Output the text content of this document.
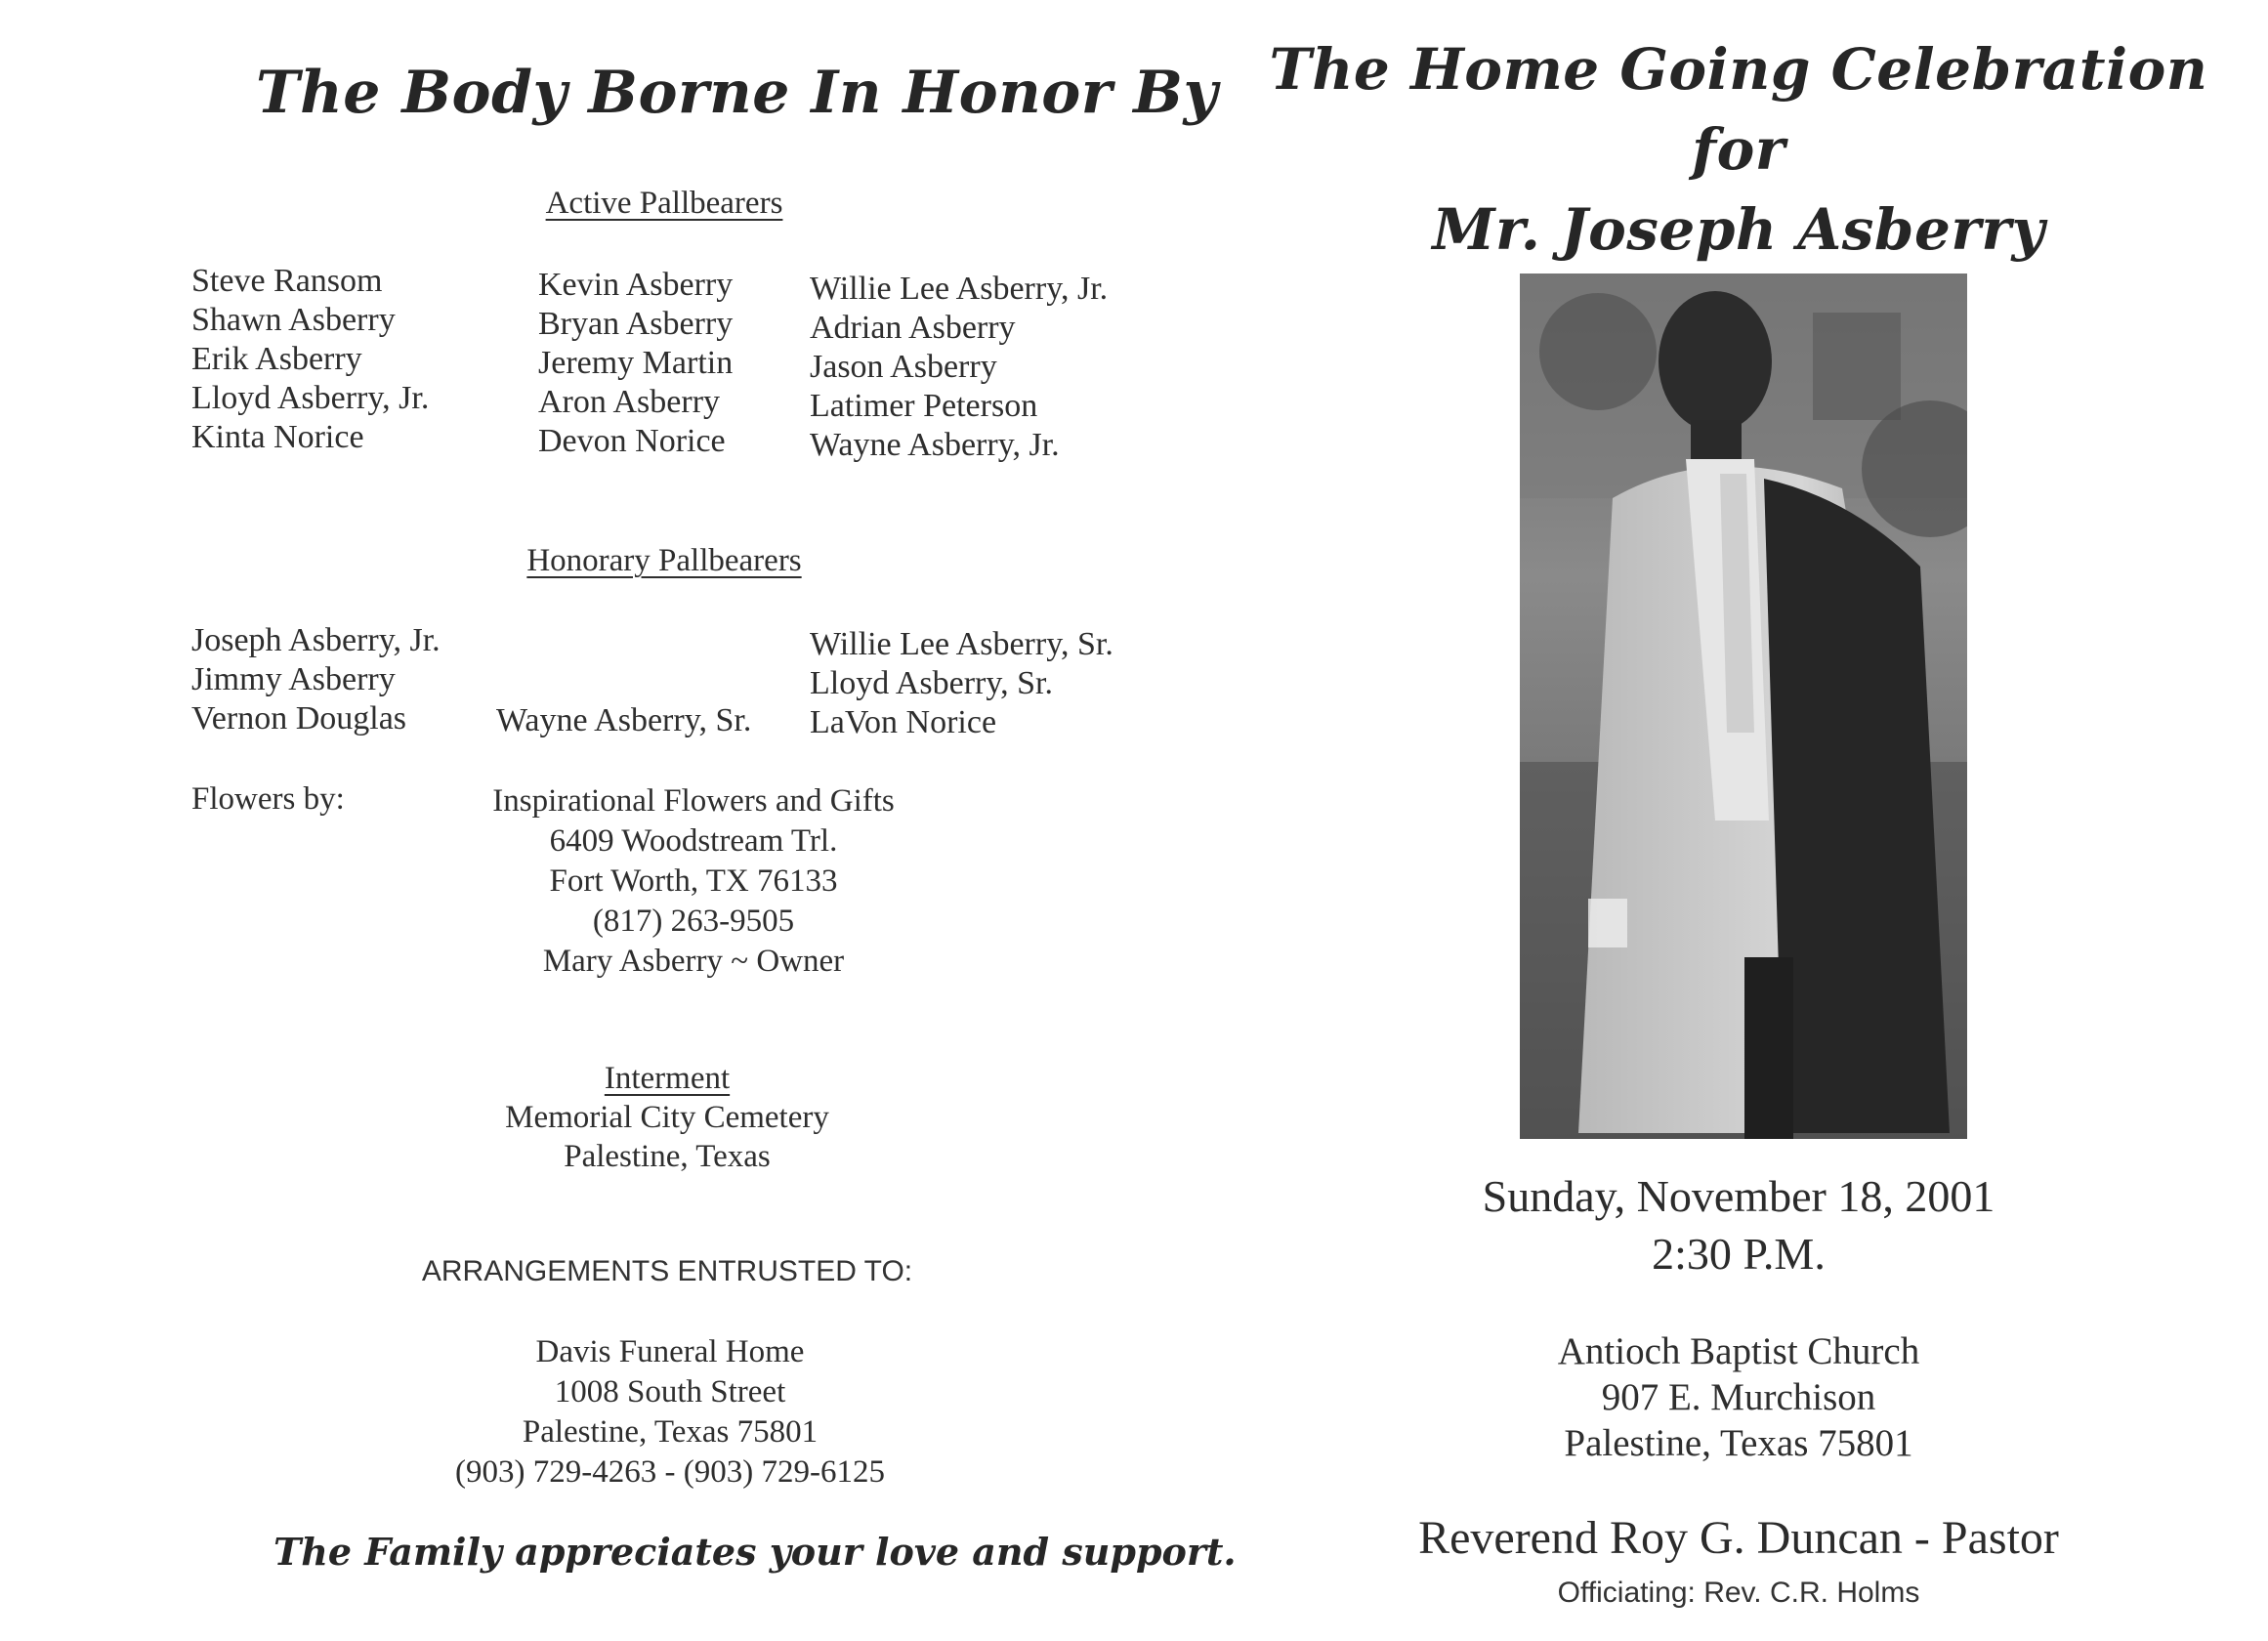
The Body Borne In Honor By
Active Pallbearers
Steve Ransom
Shawn Asberry
Erik Asberry
Lloyd Asberry, Jr.
Kinta Norice
Kevin Asberry
Bryan Asberry
Jeremy Martin
Aron Asberry
Devon Norice
Willie Lee Asberry, Jr.
Adrian Asberry
Jason Asberry
Latimer Peterson
Wayne Asberry, Jr.
Honorary Pallbearers
Joseph Asberry, Jr.
Jimmy Asberry
Vernon Douglas	Wayne Asberry, Sr.
Willie Lee Asberry, Sr.
Lloyd Asberry, Sr.
LaVon Norice
Flowers by:	Inspirational Flowers and Gifts
6409 Woodstream Trl.
Fort Worth, TX 76133
(817) 263-9505
Mary Asberry ~ Owner
Interment
Memorial City Cemetery
Palestine, Texas
ARRANGEMENTS ENTRUSTED TO:
Davis Funeral Home
1008 South Street
Palestine, Texas 75801
(903) 729-4263 - (903) 729-6125
The Family appreciates your love and support.
The Home Going Celebration
for
Mr. Joseph Asberry
Sunday, November 18, 2001
2:30 P.M.
Antioch Baptist Church
907 E. Murchison
Palestine, Texas 75801
Reverend Roy G. Duncan - Pastor
Officiating: Rev. C.R. Holms
